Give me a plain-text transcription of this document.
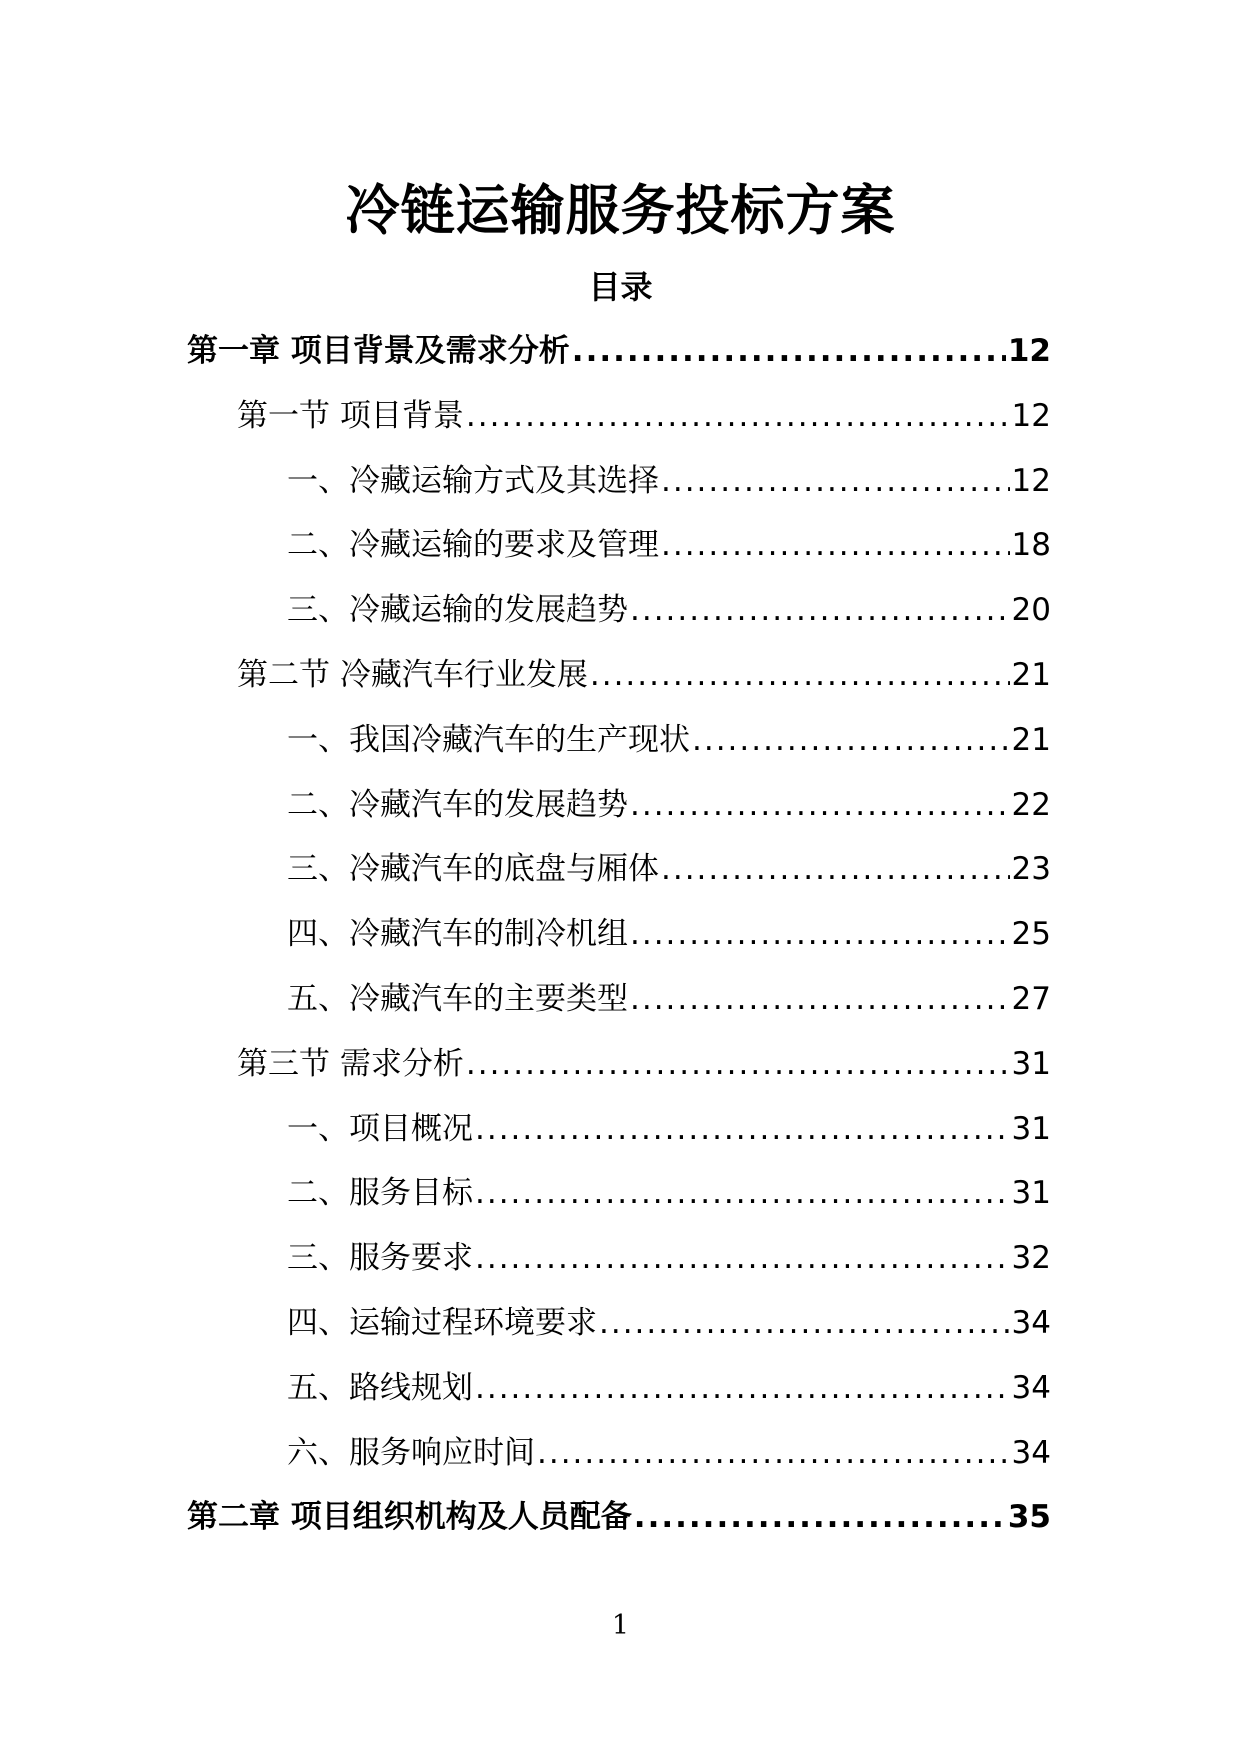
冷链运输服务投标方案
目录
第一章 项目背景及需求分析 .....	12
第一节 项目背景 .....	12
一、冷藏运输方式及其选择 .....	12
二、冷藏运输的要求及管理 .....	18
三、冷藏运输的发展趋势 .....	20
第二节 冷藏汽车行业发展 .....	21
一、我国冷藏汽车的生产现状 .....	21
二、冷藏汽车的发展趋势 .....	22
三、冷藏汽车的底盘与厢体 .....	23
四、冷藏汽车的制冷机组 .....	25
五、冷藏汽车的主要类型 .....	27
第三节 需求分析 .....	31
一、项目概况 .....	31
二、服务目标 .....	31
三、服务要求 .....	32
四、运输过程环境要求 .....	34
五、路线规划 .....	34
六、服务响应时间 .....	34
第二章 项目组织机构及人员配备 .....	35
1
